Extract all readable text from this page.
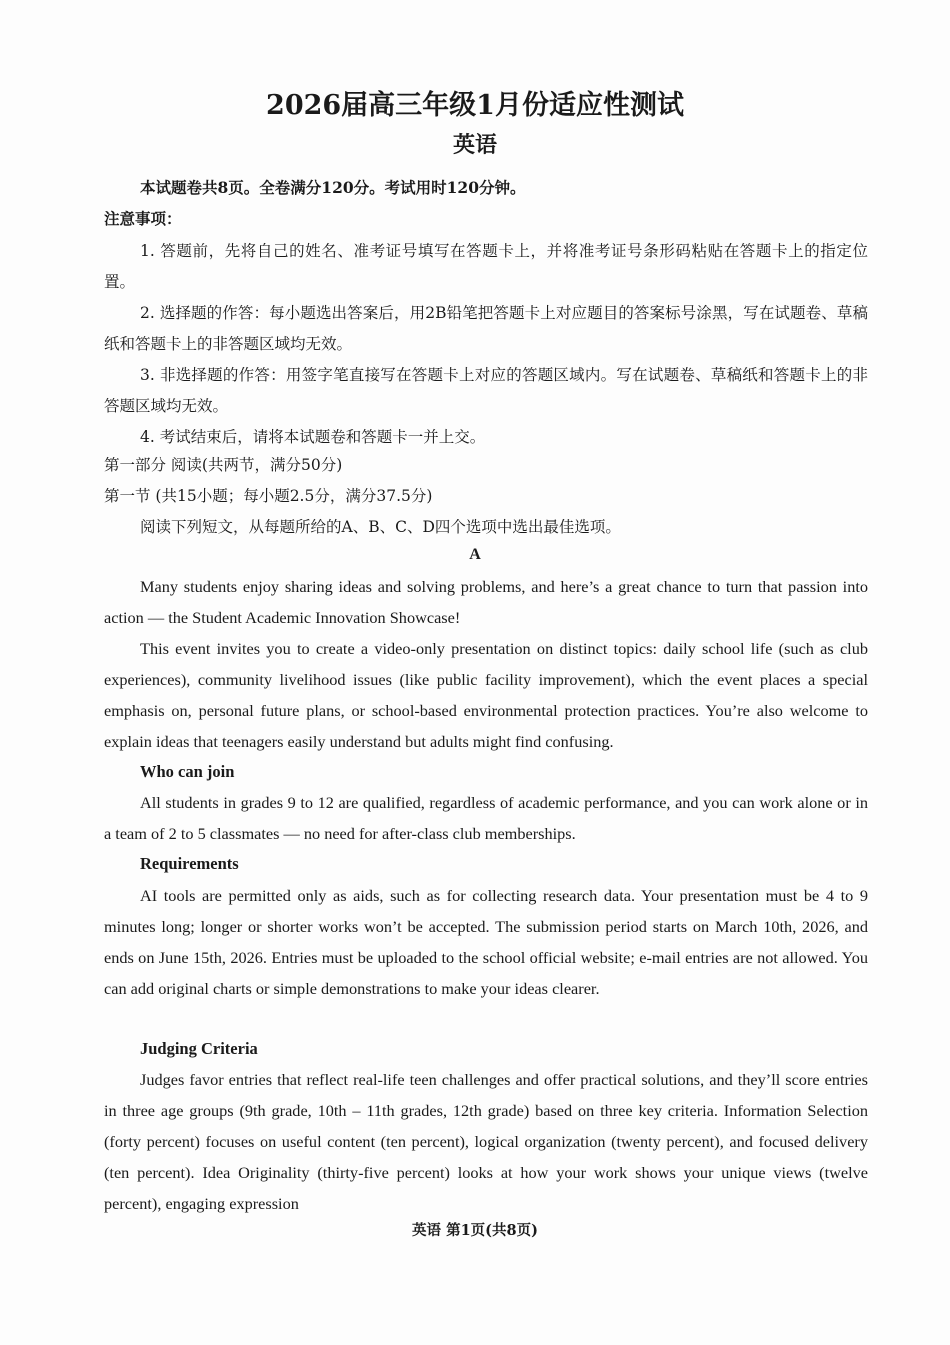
2026届高三年级1月份适应性测试
英语
本试题卷共8页。全卷满分120分。考试用时120分钟。
注意事项：
1. 答题前，先将自己的姓名、准考证号填写在答题卡上，并将准考证号条形码粘贴在答题卡上的指定位置。
2. 选择题的作答：每小题选出答案后，用2B铅笔把答题卡上对应题目的答案标号涂黑，写在试题卷、草稿纸和答题卡上的非答题区域均无效。
3. 非选择题的作答：用签字笔直接写在答题卡上对应的答题区域内。写在试题卷、草稿纸和答题卡上的非答题区域均无效。
4. 考试结束后，请将本试题卷和答题卡一并上交。
第一部分 阅读(共两节，满分50分)
第一节 (共15小题；每小题2.5分，满分37.5分)
阅读下列短文，从每题所给的A、B、C、D四个选项中选出最佳选项。
A
Many students enjoy sharing ideas and solving problems, and here’s a great chance to turn that passion into action — the Student Academic Innovation Showcase!
This event invites you to create a video-only presentation on distinct topics: daily school life (such as club experiences), community livelihood issues (like public facility improvement), which the event places a special emphasis on, personal future plans, or school-based environmental protection practices. You’re also welcome to explain ideas that teenagers easily understand but adults might find confusing.
Who can join
All students in grades 9 to 12 are qualified, regardless of academic performance, and you can work alone or in a team of 2 to 5 classmates — no need for after-class club memberships.
Requirements
AI tools are permitted only as aids, such as for collecting research data. Your presentation must be 4 to 9 minutes long; longer or shorter works won’t be accepted. The submission period starts on March 10th, 2026, and ends on June 15th, 2026. Entries must be uploaded to the school official website; e-mail entries are not allowed. You can add original charts or simple demonstrations to make your ideas clearer.
Judging Criteria
Judges favor entries that reflect real-life teen challenges and offer practical solutions, and they’ll score entries in three age groups (9th grade, 10th – 11th grades, 12th grade) based on three key criteria. Information Selection (forty percent) focuses on useful content (ten percent), logical organization (twenty percent), and focused delivery (ten percent). Idea Originality (thirty-five percent) looks at how your work shows your unique views (twelve percent), engaging expression
英语 第1页(共8页)
